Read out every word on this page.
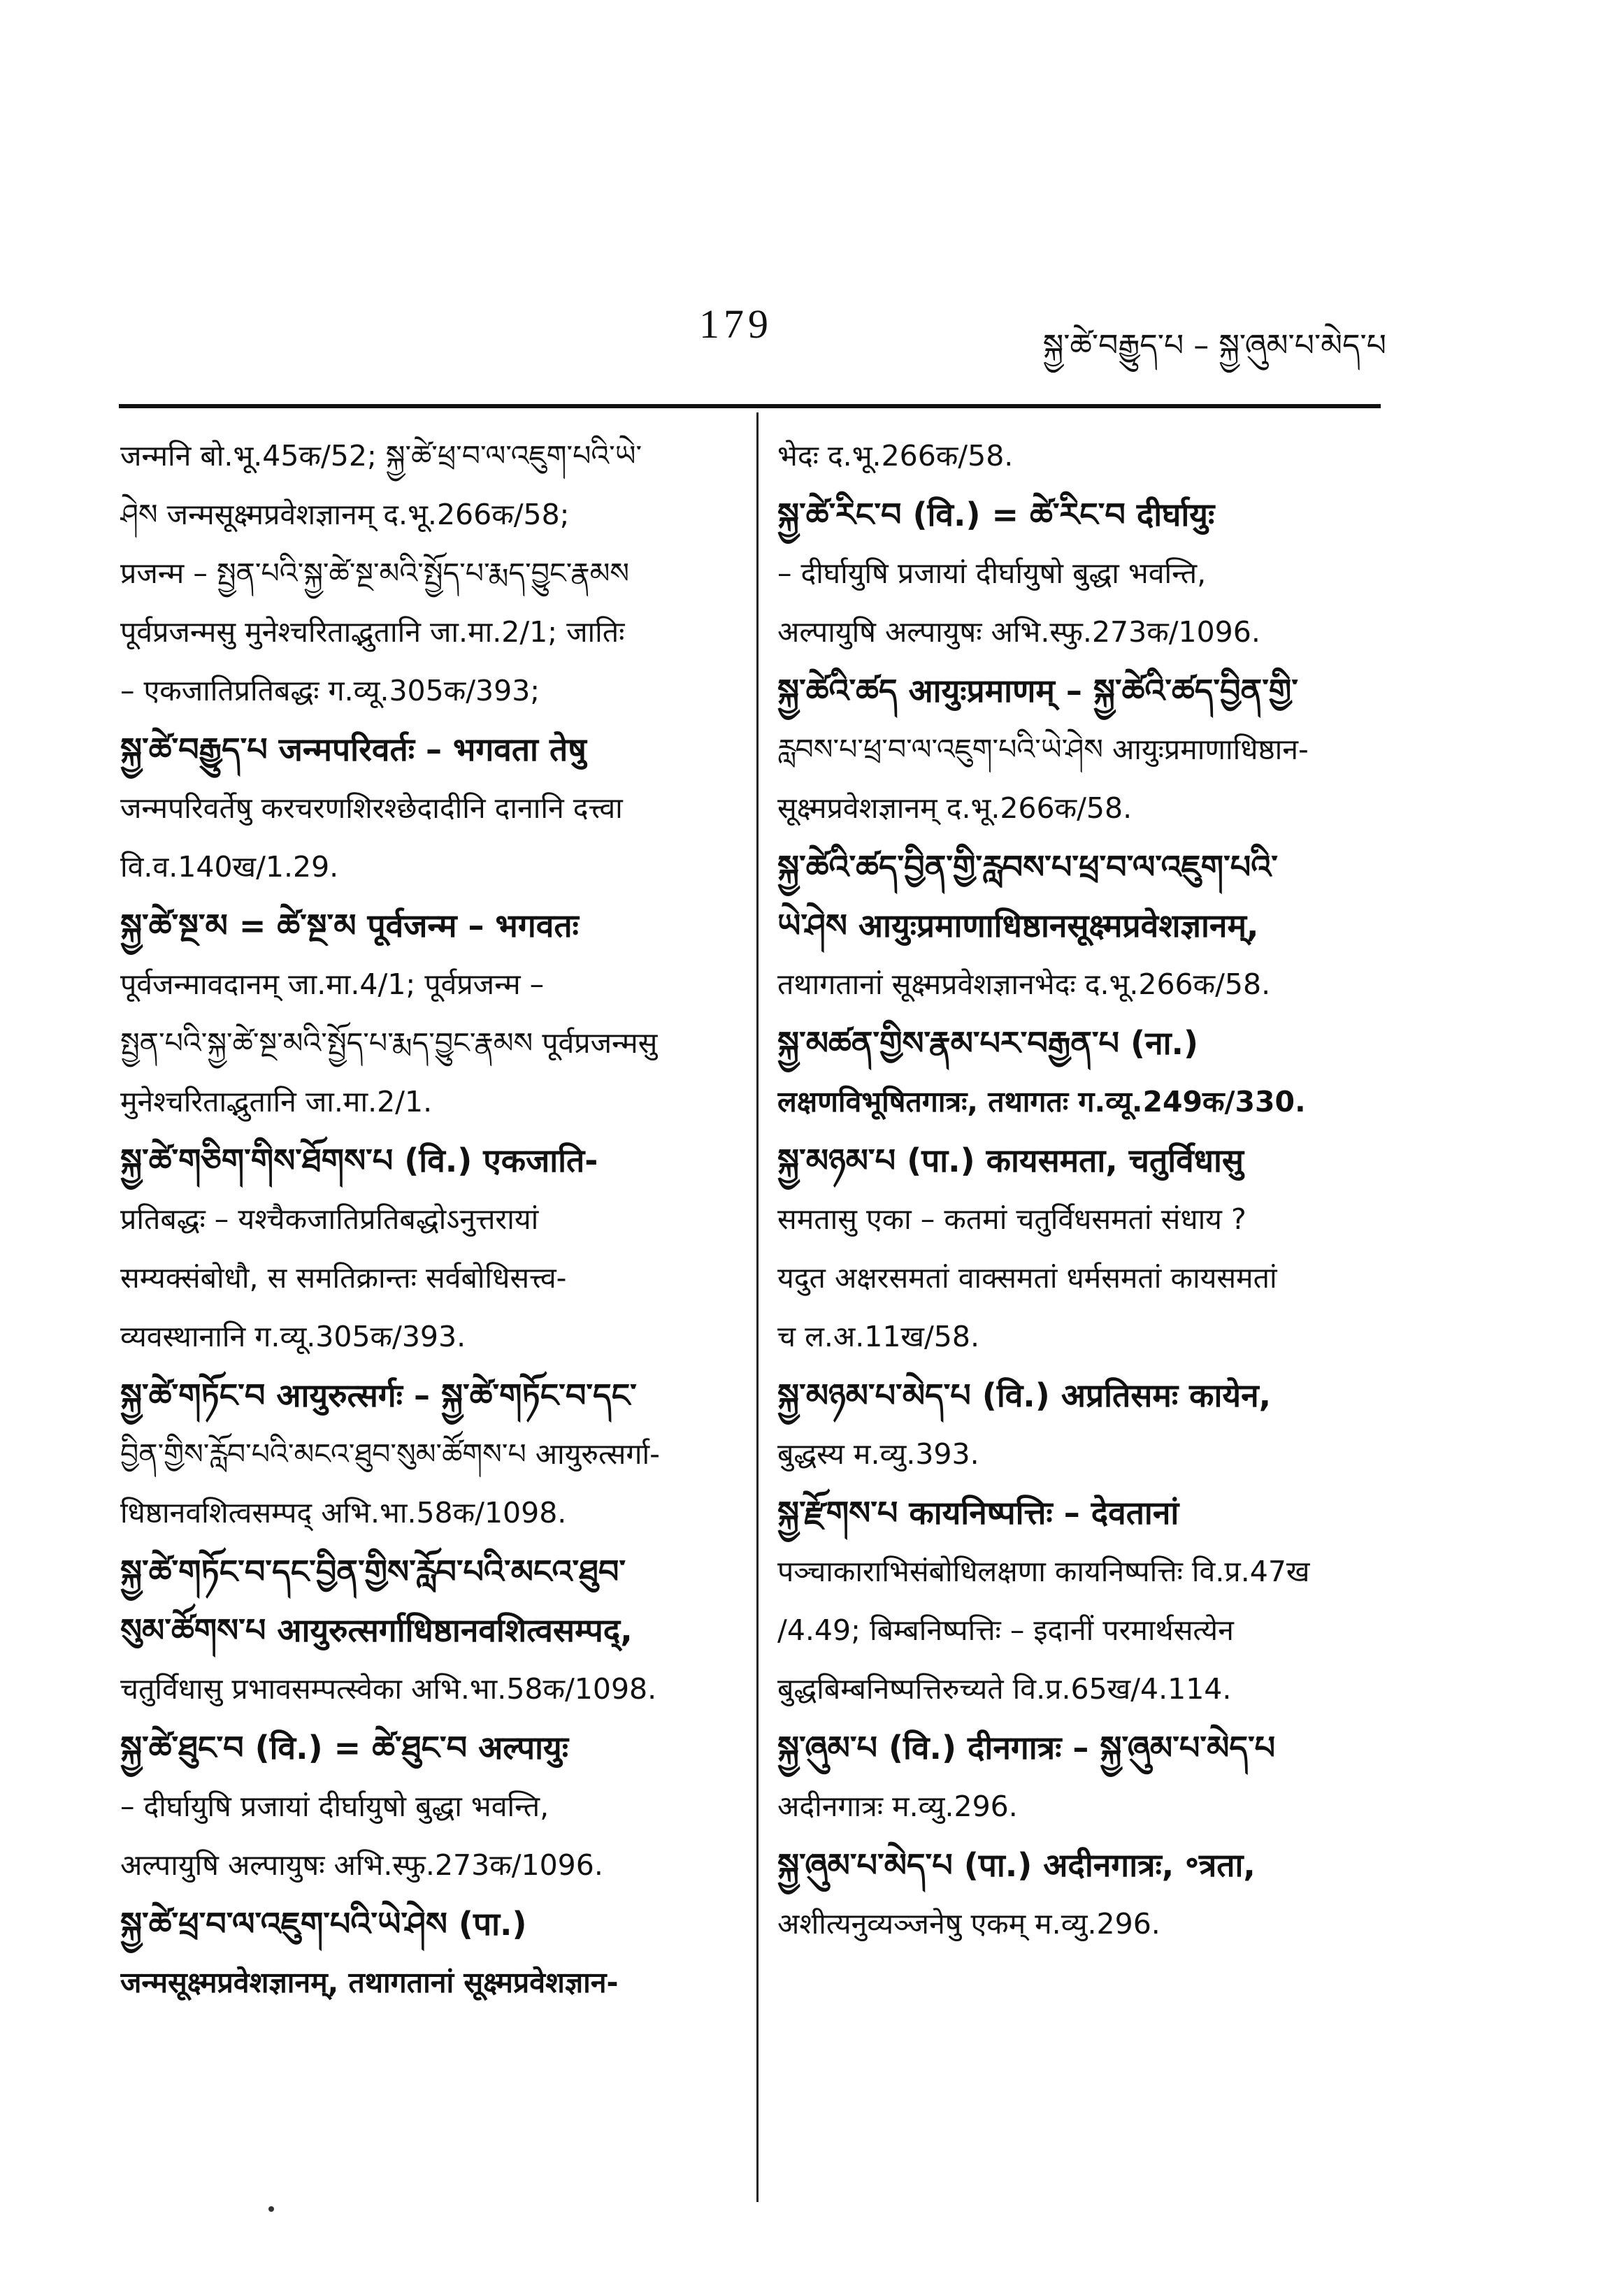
179	སྐྱ་ཚེ་བརྒྱུད་པ – སྐྱ་ཞུམ་པ་མེད་པ

जन्मनि बो.भू.45क/52; སྐྱ་ཚེ་ཕྲ་བ་ལ་འཇུག་པའི་ཡེ་

ཤེས जन्मसूक्ष्मप्रवेशज्ञानम् द.भू.266क/58;

प्रजन्म – སྤྱན་པའི་སྐྱ་ཚེ་སྔ་མའི་སྤྱོད་པ་རྨད་བྱུང་རྣམས

पूर्वप्रजन्मसु मुनेश्चरिताद्भुतानि जा.मा.2/1; जातिः

– एकजातिप्रतिबद्धः ग.व्यू.305क/393;

སྐྱ་ཚེ་བརྒྱུད་པ जन्मपरिवर्तः – भगवता तेषु

जन्मपरिवर्तेषु करचरणशिरश्छेदादीनि दानानि दत्त्वा

वि.व.140ख/1.29.

སྐྱ་ཚེ་སྔ་མ = ཚེ་སྔ་མ पूर्वजन्म – भगवतः

पूर्वजन्मावदानम् जा.मा.4/1; पूर्वप्रजन्म –

སྤྱན་པའི་སྐྱ་ཚེ་སྔ་མའི་སྤྱོད་པ་རྨད་བྱུང་རྣམས पूर्वप्रजन्मसु

मुनेश्चरिताद्भुतानि जा.मा.2/1.

སྐྱ་ཚེ་གཅིག་གིས་ཐོགས་པ (वि.) एकजाति-

प्रतिबद्धः – यश्चैकजातिप्रतिबद्धोऽनुत्तरायां

सम्यक्संबोधौ, स समतिक्रान्तः सर्वबोधिसत्त्व-

व्यवस्थानानि ग.व्यू.305क/393.

སྐྱ་ཚེ་གཏོང་བ आयुरुत्सर्गः – སྐྱ་ཚེ་གཏོང་བ་དང་

བྱིན་གྱིས་རློབ་པའི་མངའ་ཐུབ་སུམ་ཚོགས་པ आयुरुत्सर्गा-

धिष्ठानवशित्वसम्पद् अभि.भा.58क/1098.

སྐྱ་ཚེ་གཏོང་བ་དང་བྱིན་གྱིས་རློབ་པའི་མངའ་ཐུབ་

སུམ་ཚོགས་པ आयुरुत्सर्गाधिष्ठानवशित्वसम्पद्,

चतुर्विधासु प्रभावसम्पत्स्वेका अभि.भा.58क/1098.

སྐྱ་ཚེ་ཐུང་བ (वि.) = ཚེ་ཐུང་བ अल्पायुः

– दीर्घायुषि प्रजायां दीर्घायुषो बुद्धा भवन्ति,

अल्पायुषि अल्पायुषः अभि.स्फु.273क/1096.

སྐྱ་ཚེ་ཕྲ་བ་ལ་འཇུག་པའི་ཡེ་ཤེས (पा.)

जन्मसूक्ष्मप्रवेशज्ञानम्, तथागतानां सूक्ष्मप्रवेशज्ञान-

भेदः द.भू.266क/58.

སྐྱ་ཚེ་རིང་བ (वि.) = ཚེ་རིང་བ दीर्घायुः

– दीर्घायुषि प्रजायां दीर्घायुषो बुद्धा भवन्ति,

अल्पायुषि अल्पायुषः अभि.स्फु.273क/1096.

སྐྱ་ཚེའི་ཚད आयुःप्रमाणम् – སྐྱ་ཚེའི་ཚད་བྱིན་གྱི་

རླབས་པ་ཕྲ་བ་ལ་འཇུག་པའི་ཡེ་ཤེས आयुःप्रमाणाधिष्ठान-

सूक्ष्मप्रवेशज्ञानम् द.भू.266क/58.

སྐྱ་ཚེའི་ཚད་བྱིན་གྱི་རླབས་པ་ཕྲ་བ་ལ་འཇུག་པའི་

ཡེ་ཤེས आयुःप्रमाणाधिष्ठानसूक्ष्मप्रवेशज्ञानम्,

तथागतानां सूक्ष्मप्रवेशज्ञानभेदः द.भू.266क/58.

སྐྱ་མཚན་གྱིས་རྣམ་པར་བརྒྱན་པ (ना.)

लक्षणविभूषितगात्रः, तथागतः ग.व्यू.249क/330.

སྐྱ་མཉམ་པ (पा.) कायसमता, चतुर्विधासु

समतासु एका – कतमां चतुर्विधसमतां संधाय ?

यदुत अक्षरसमतां वाक्समतां धर्मसमतां कायसमतां

च ल.अ.11ख/58.

སྐྱ་མཉམ་པ་མེད་པ (वि.) अप्रतिसमः कायेन,

बुद्धस्य म.व्यु.393.

སྐྱ་རྫོགས་པ कायनिष्पत्तिः – देवतानां

पञ्चाकाराभिसंबोधिलक्षणा कायनिष्पत्तिः वि.प्र.47ख

/4.49; बिम्बनिष्पत्तिः – इदानीं परमार्थसत्येन

बुद्धबिम्बनिष्पत्तिरुच्यते वि.प्र.65ख/4.114.

སྐྱ་ཞུམ་པ (वि.) दीनगात्रः – སྐྱ་ཞུམ་པ་མེད་པ

अदीनगात्रः म.व्यु.296.

སྐྱ་ཞུམ་པ་མེད་པ (पा.) अदीनगात्रः, ॰त्रता,

अशीत्यनुव्यञ्जनेषु एकम् म.व्यु.296.
